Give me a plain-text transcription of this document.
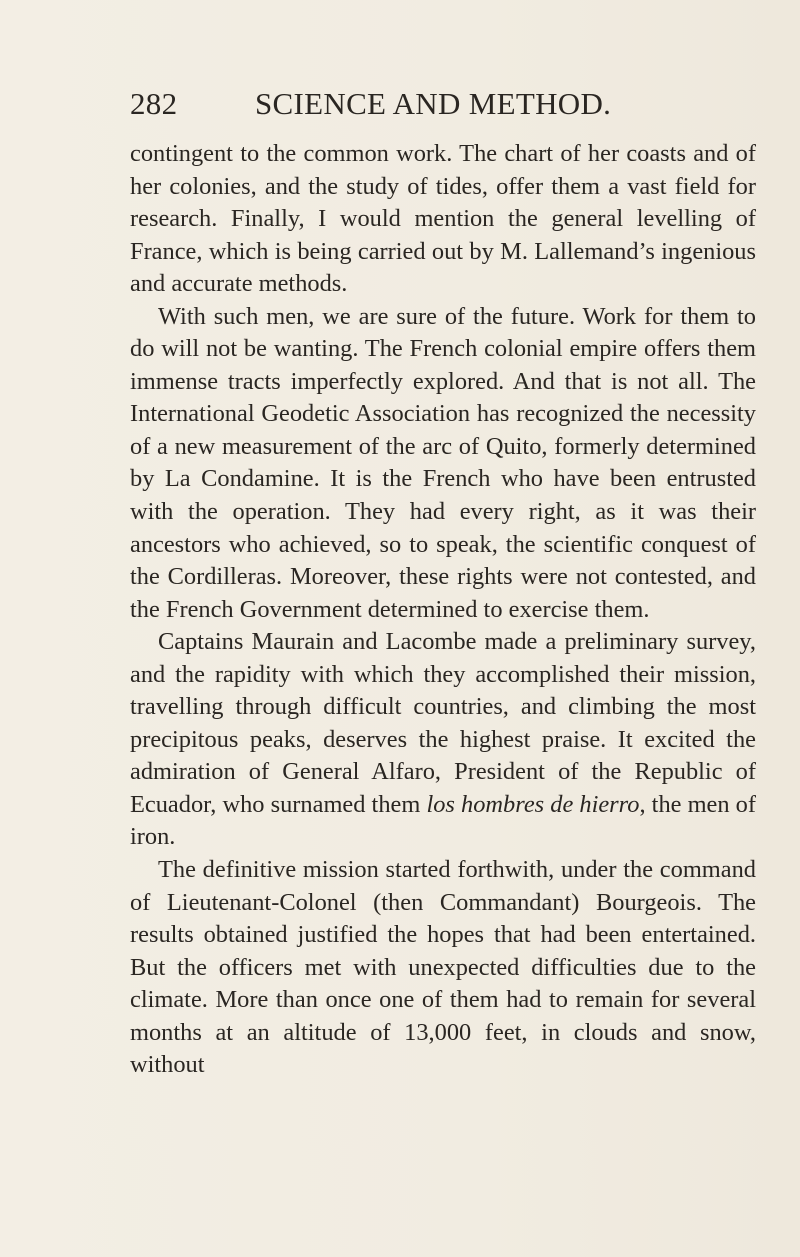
282	SCIENCE AND METHOD.

contingent to the common work. The chart of her coasts and of her colonies, and the study of tides, offer them a vast field for research. Finally, I would mention the general levelling of France, which is being carried out by M. Lallemand’s ingenious and accurate methods.

With such men, we are sure of the future. Work for them to do will not be wanting. The French colonial empire offers them immense tracts imperfectly explored. And that is not all. The International Geodetic Association has recognized the necessity of a new measurement of the arc of Quito, formerly determined by La Condamine. It is the French who have been entrusted with the operation. They had every right, as it was their ancestors who achieved, so to speak, the scientific conquest of the Cordilleras. Moreover, these rights were not contested, and the French Government determined to exercise them.

Captains Maurain and Lacombe made a preliminary survey, and the rapidity with which they accomplished their mission, travelling through difficult countries, and climbing the most precipitous peaks, deserves the highest praise. It excited the admiration of General Alfaro, President of the Republic of Ecuador, who surnamed them los hombres de hierro, the men of iron.

The definitive mission started forthwith, under the command of Lieutenant-Colonel (then Commandant) Bourgeois. The results obtained justified the hopes that had been entertained. But the officers met with unexpected difficulties due to the climate. More than once one of them had to remain for several months at an altitude of 13,000 feet, in clouds and snow, without
